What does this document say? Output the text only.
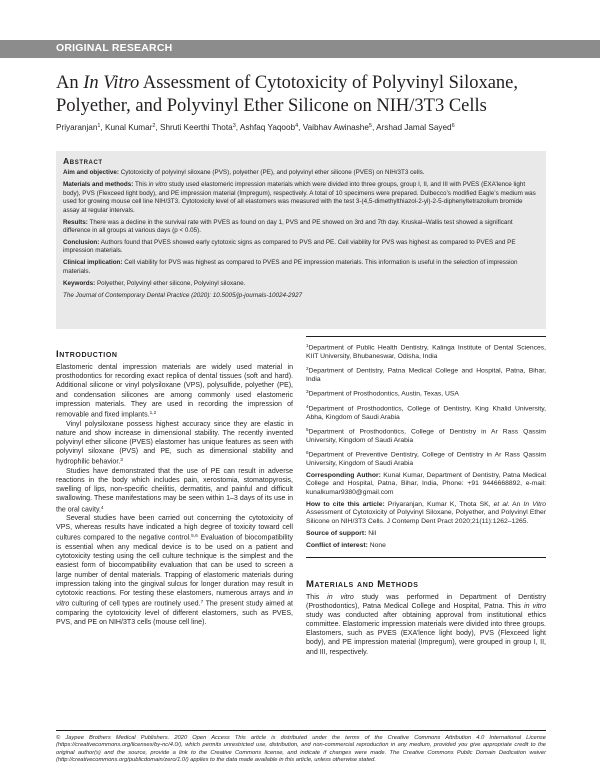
ORIGINAL RESEARCH
An In Vitro Assessment of Cytotoxicity of Polyvinyl Siloxane, Polyether, and Polyvinyl Ether Silicone on NIH/3T3 Cells
Priyaranjan$^1$, Kunal Kumar$^2$, Shruti Keerthi Thota$^3$, Ashfaq Yaqoob$^4$, Vaibhav Awinashe$^5$, Arshad Jamal Sayed$^6$
Abstract

Aim and objective: Cytotoxicity of polyvinyl siloxane (PVS), polyether (PE), and polyvinyl ether silicone (PVES) on NIH/3T3 cells.

Materials and methods: This in vitro study used elastomeric impression materials which were divided into three groups, group I, II, and III with PVES (EXA’lence light body), PVS (Flexceed light body), and PE impression material (Impregum), respectively. A total of 10 specimens were prepared. Dulbecco’s modified Eagle’s medium was used for growing mouse cell line NIH/3T3. Cytotoxicity level of all elastomers was measured with the test 3-(4,5-dimethylthiazol-2-yl)-2-5-diphenyltetrazolium bromide assay at regular intervals.

Results: There was a decline in the survival rate with PVES as found on day 1, PVS and PE showed on 3rd and 7th day. Kruskal–Wallis test showed a significant difference in all groups at various days (p < 0.05).

Conclusion: Authors found that PVES showed early cytotoxic signs as compared to PVS and PE. Cell viability for PVS was highest as compared to PVES and PE impression materials.

Clinical implication: Cell viability for PVS was highest as compared to PVES and PE impression materials. This information is useful in the selection of impression materials.

Keywords: Polyether, Polyvinyl ether silicone, Polyvinyl siloxane.

The Journal of Contemporary Dental Practice (2020): 10.5005/jp-journals-10024-2927

Introduction

Elastomeric dental impression materials are widely used material in prosthodontics for recording exact replica of dental tissues (soft and hard). Additional silicone or vinyl polysiloxane (VPS), polysulfide, polyether (PE), and condensation silicones are among commonly used elastomeric impression materials. They are used in recording the impression of removable and fixed implants.$^{1,2}$

Vinyl polysiloxane possess highest accuracy since they are elastic in nature and show increase in dimensional stability. The recently invented polyvinyl ether silicone (PVES) elastomer has unique features as seen with polyvinyl siloxane (PVS) and PE, such as dimensional stability and hydrophilic behavior.$^3$

Studies have demonstrated that the use of PE can result in adverse reactions in the body which includes pain, xerostomia, stomatopyrosis, swelling of lips, non-specific cheilitis, dermatitis, and painful and difficult swallowing. These manifestations may be seen within 1–3 days of its use in the oral cavity.$^4$

Several studies have been carried out concerning the cytotoxicity of VPS, whereas results have indicated a high degree of toxicity toward cell cultures compared to the negative control.$^{5,6}$ Evaluation of biocompatibility is essential when any medical device is to be used on a patient and cytotoxicity testing using the cell culture technique is the simplest and the easiest form of biocompatibility evaluation that can be used to screen a large number of dental materials. Trapping of elastomeric materials during impression taking into the gingival sulcus for longer duration may result in cytotoxic reactions. For testing these elastomers, numerous arrays and in vitro culturing of cell types are routinely used.$^7$ The present study aimed at comparing the cytotoxicity level of different elastomers, such as PVES, PVS, and PE on NIH/3T3 cells (mouse cell line).

$^1$Department of Public Health Dentistry, Kalinga Institute of Dental Sciences, KIIT University, Bhubaneswar, Odisha, India

$^2$Department of Dentistry, Patna Medical College and Hospital, Patna, Bihar, India

$^3$Department of Prosthodontics, Austin, Texas, USA

$^4$Department of Prosthodontics, College of Dentistry, King Khalid University, Abha, Kingdom of Saudi Arabia

$^5$Department of Prosthodontics, College of Dentistry in Ar Rass Qassim University, Kingdom of Saudi Arabia

$^6$Department of Preventive Dentistry, College of Dentistry in Ar Rass Qassim University, Kingdom of Saudi Arabia

Corresponding Author: Kunal Kumar, Department of Dentistry, Patna Medical College and Hospital, Patna, Bihar, India, Phone: +91 9446668892, e-mail: kunalkumar9380@gmail.com

How to cite this article: Priyaranjan, Kumar K, Thota SK, et al. An In Vitro Assessment of Cytotoxicity of Polyvinyl Siloxane, Polyether, and Polyvinyl Ether Silicone on NIH/3T3 Cells. J Contemp Dent Pract 2020;21(11):1262–1265.

Source of support: Nil

Conflict of interest: None

Materials and Methods

This in vitro study was performed in Department of Dentistry (Prosthodontics), Patna Medical College and Hospital, Patna. This in vitro study was conducted after obtaining approval from institutional ethics committee. Elastomeric impression materials were divided into three groups. Elastomers, such as PVES (EXA’lence light body), PVS (Flexceed light body), and PE impression material (Impregum), were grouped in group I, II, and III, respectively.

© Jaypee Brothers Medical Publishers. 2020 Open Access This article is distributed under the terms of the Creative Commons Attribution 4.0 International License (https://creativecommons.org/licenses/by-nc/4.0/), which permits unrestricted use, distribution, and non-commercial reproduction in any medium, provided you give appropriate credit to the original author(s) and the source, provide a link to the Creative Commons license, and indicate if changes were made. The Creative Commons Public Domain Dedication waiver (http://creativecommons.org/publicdomain/zero/1.0/) applies to the data made available in this article, unless otherwise stated.
